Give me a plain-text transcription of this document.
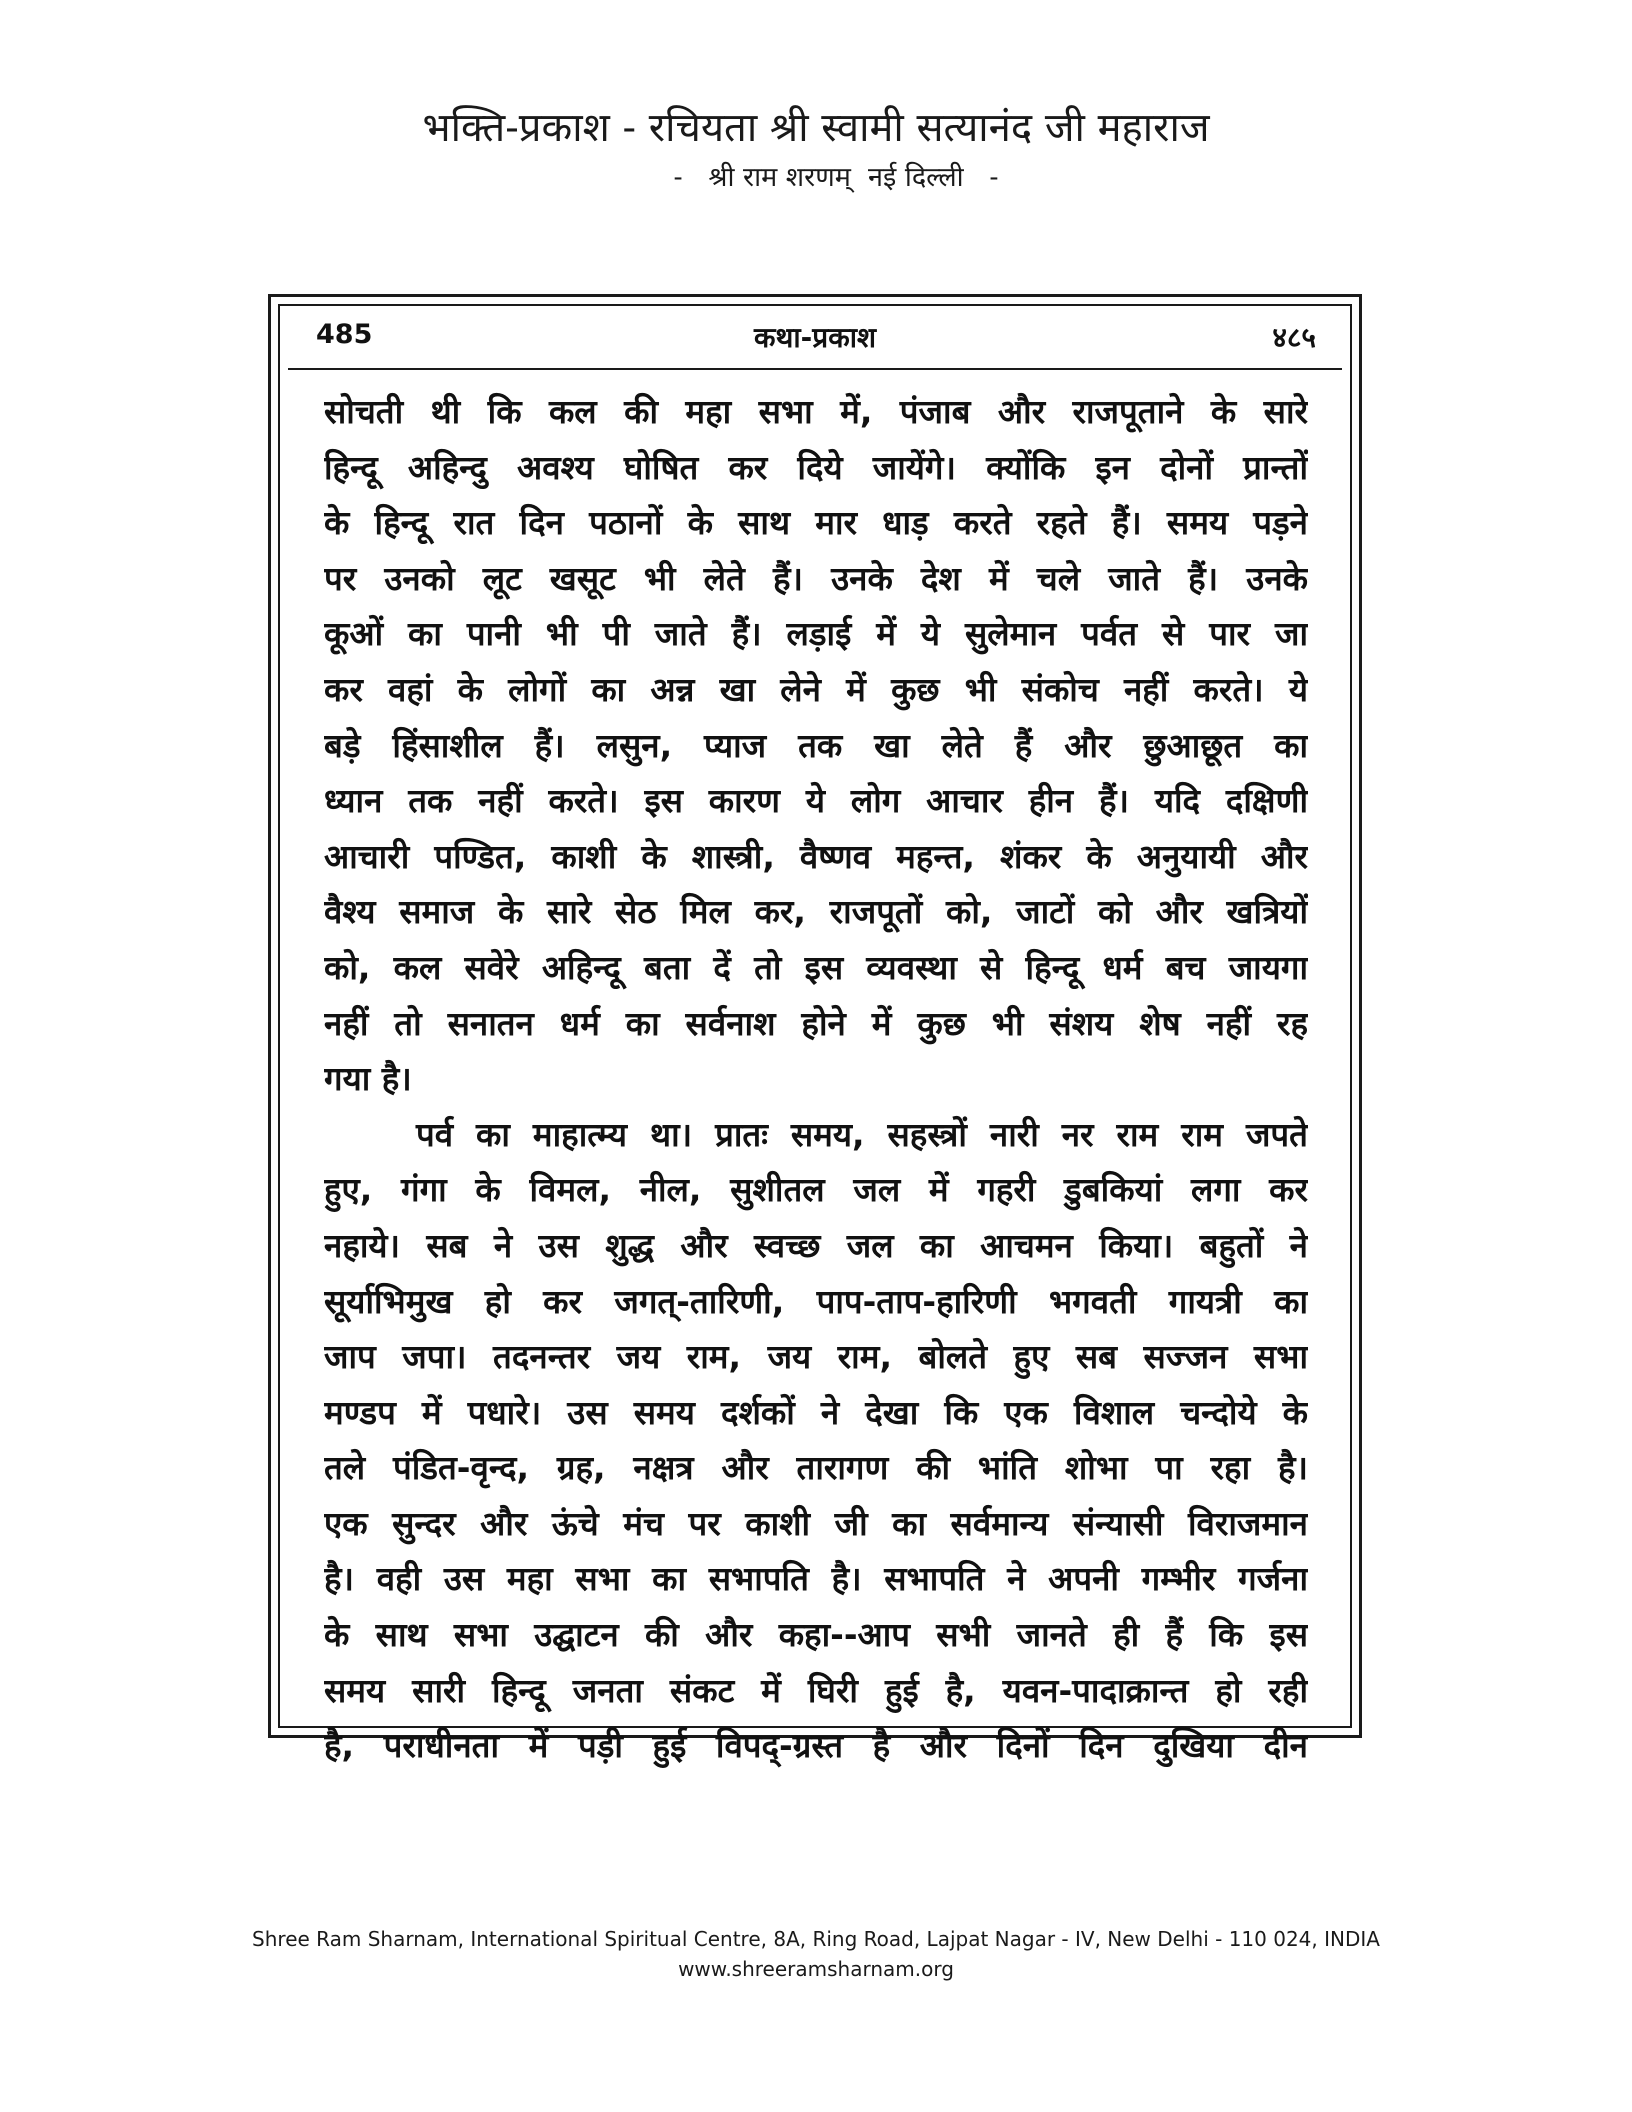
भक्ति-प्रकाश - रचियता श्री स्वामी सत्यानंद जी महाराज
-   श्री राम शरणम्  नई दिल्ली   -
485	कथा-प्रकाश	४८५
सोचती थी कि कल की महा सभा में, पंजाब और राजपूताने के सारे
हिन्दू अहिन्दु अवश्य घोषित कर दिये जायेंगे। क्योंकि इन दोनों प्रान्तों
के हिन्दू रात दिन पठानों के साथ मार धाड़ करते रहते हैं। समय पड़ने
पर उनको लूट खसूट भी लेते हैं। उनके देश में चले जाते हैं। उनके
कूओं का पानी भी पी जाते हैं। लड़ाई में ये सुलेमान पर्वत से पार जा
कर वहां के लोगों का अन्न खा लेने में कुछ भी संकोच नहीं करते। ये
बड़े हिंसाशील हैं। लसुन, प्याज तक खा लेते हैं और छुआछूत का
ध्यान तक नहीं करते। इस कारण ये लोग आचार हीन हैं। यदि दक्षिणी
आचारी पण्डित, काशी के शास्त्री, वैष्णव महन्त, शंकर के अनुयायी और
वैश्य समाज के सारे सेठ मिल कर, राजपूतों को, जाटों को और खत्रियों
को, कल सवेरे अहिन्दू बता दें तो इस व्यवस्था से हिन्दू धर्म बच जायगा
नहीं तो सनातन धर्म का सर्वनाश होने में कुछ भी संशय शेष नहीं रह
गया है।
पर्व का माहात्म्य था। प्रातः समय, सहस्त्रों नारी नर राम राम जपते
हुए, गंगा के विमल, नील, सुशीतल जल में गहरी डुबकियां लगा कर
नहाये। सब ने उस शुद्ध और स्वच्छ जल का आचमन किया। बहुतों ने
सूर्याभिमुख हो कर जगत्-तारिणी, पाप-ताप-हारिणी भगवती गायत्री का
जाप जपा। तदनन्तर जय राम, जय राम, बोलते हुए सब सज्जन सभा
मण्डप में पधारे। उस समय दर्शकों ने देखा कि एक विशाल चन्दोये के
तले पंडित-वृन्द, ग्रह, नक्षत्र और तारागण की भांति शोभा पा रहा है।
एक सुन्दर और ऊंचे मंच पर काशी जी का सर्वमान्य संन्यासी विराजमान
है। वही उस महा सभा का सभापति है। सभापति ने अपनी गम्भीर गर्जना
के साथ सभा उद्घाटन की और कहा--आप सभी जानते ही हैं कि इस
समय सारी हिन्दू जनता संकट में घिरी हुई है, यवन-पादाक्रान्त हो रही
है, पराधीनता में पड़ी हुई विपद्-ग्रस्त है और दिनों दिन दुखिया दीन
Shree Ram Sharnam, International Spiritual Centre, 8A, Ring Road, Lajpat Nagar - IV, New Delhi - 110 024, INDIA
www.shreeramsharnam.org
